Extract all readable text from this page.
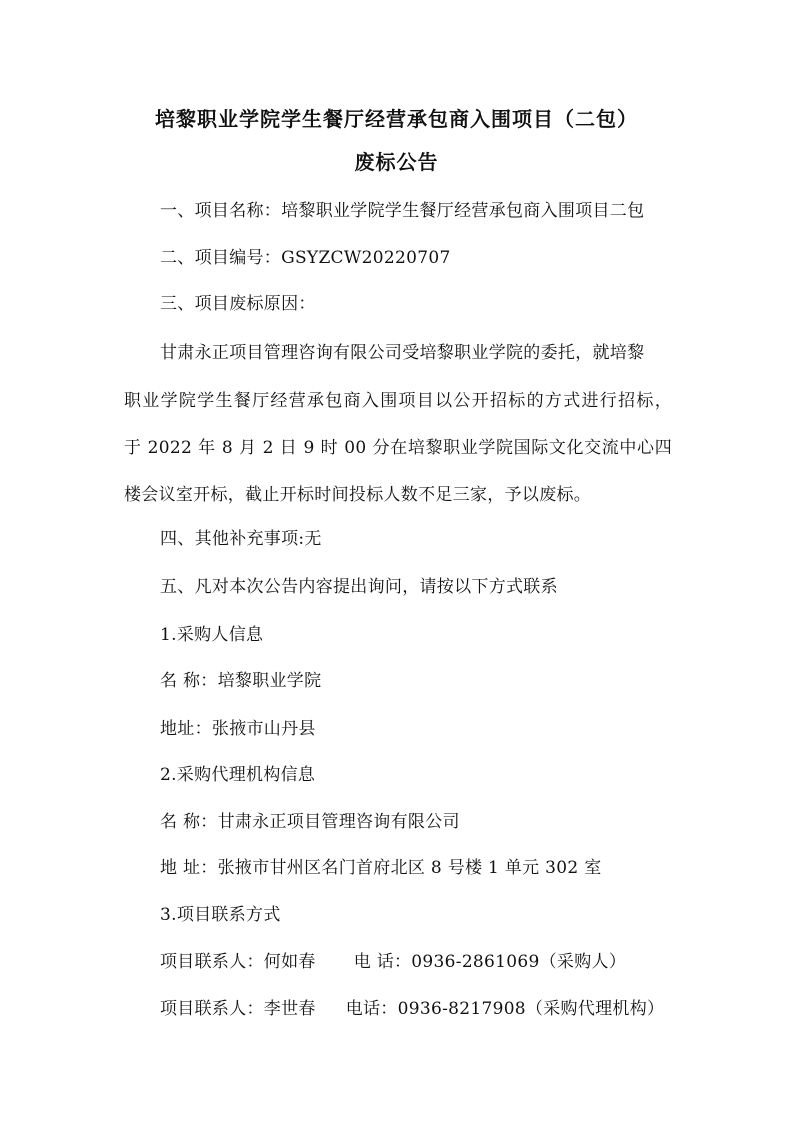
培黎职业学院学生餐厅经营承包商入围项目（二包）
废标公告
一、项目名称：培黎职业学院学生餐厅经营承包商入围项目二包
二、项目编号：GSYZCW20220707
三、项目废标原因：
甘肃永正项目管理咨询有限公司受培黎职业学院的委托，就培黎
职业学院学生餐厅经营承包商入围项目以公开招标的方式进行招标，
于 2022 年 8 月 2 日 9 时 00 分在培黎职业学院国际文化交流中心四
楼会议室开标，截止开标时间投标人数不足三家，予以废标。
四、其他补充事项:无
五、凡对本次公告内容提出询问，请按以下方式联系
1.采购人信息
名 称：培黎职业学院
地址：张掖市山丹县
2.采购代理机构信息
名 称：甘肃永正项目管理咨询有限公司
地 址：张掖市甘州区名门首府北区 8 号楼 1 单元 302 室
3.项目联系方式
项目联系人：何如春 电 话：0936-2861069（采购人）
项目联系人：李世春 电话：0936-8217908（采购代理机构）
